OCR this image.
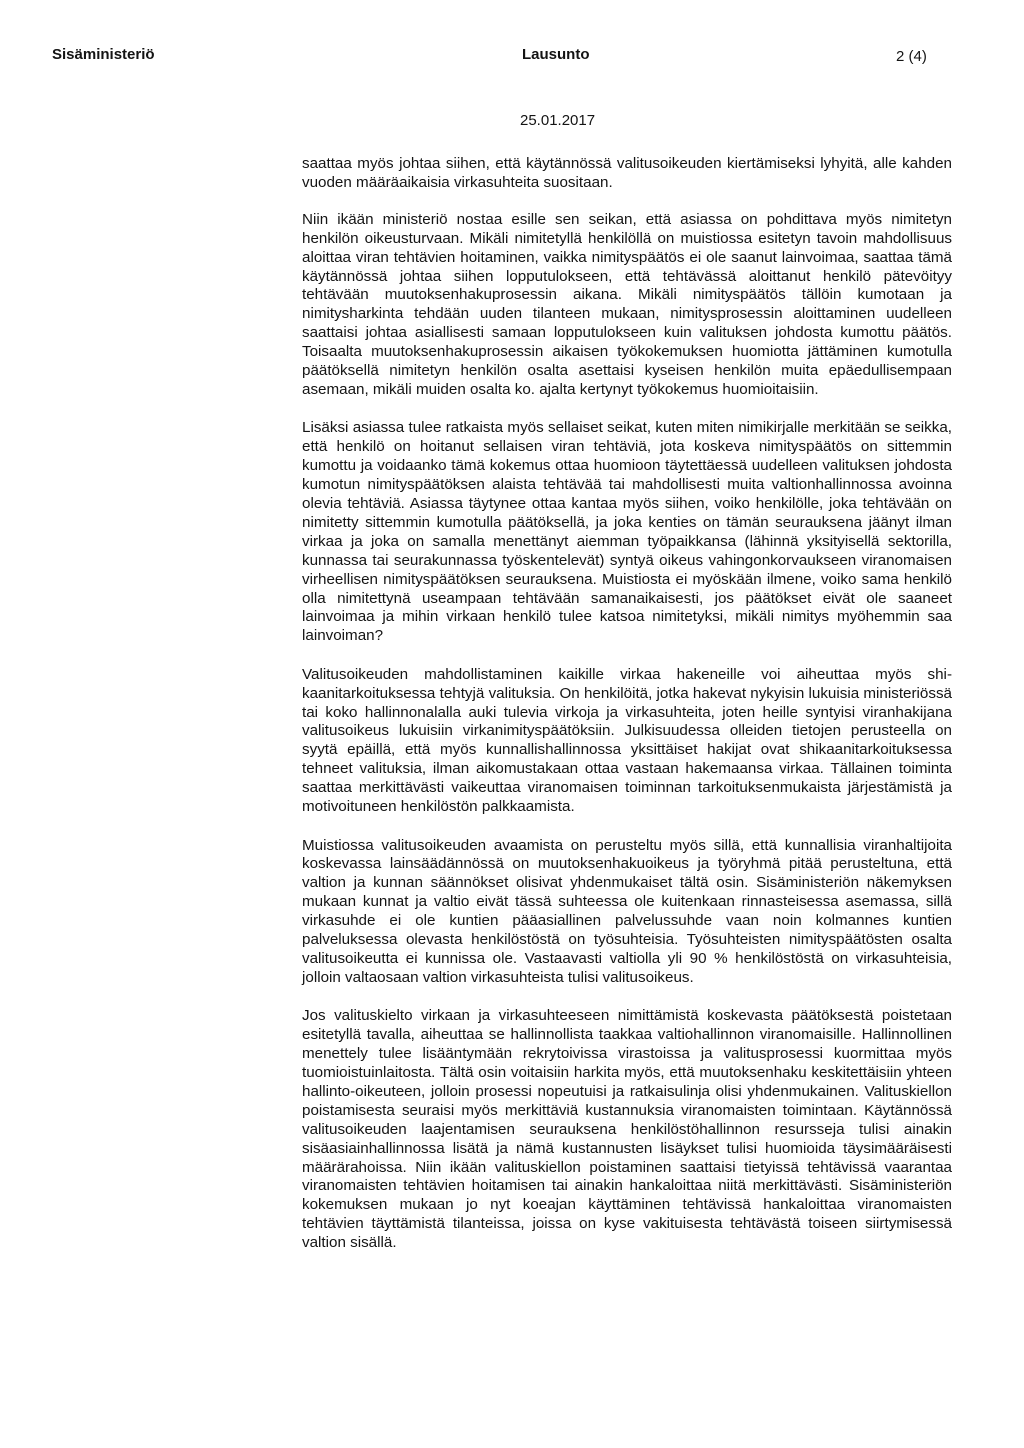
Sisäministeriö	Lausunto	2 (4)
25.01.2017

saattaa myös johtaa siihen, että käytännössä valitusoikeuden kiertämiseksi lyhyitä, alle kahden vuoden määräaikaisia virkasuhteita suositaan.

Niin ikään ministeriö nostaa esille sen seikan, että asiassa on pohdittava myös nimitetyn henkilön oikeusturvaan. Mikäli nimitetyllä henkilöllä on muistiossa esitetyn tavoin mahdollisuus aloittaa viran tehtävien hoitaminen, vaikka nimityspäätös ei ole saanut lainvoimaa, saattaa tämä käytännössä johtaa siihen lopputulokseen, että tehtävässä aloittanut henkilö pätevöityy tehtävään muutoksenhakuprosessin aikana. Mikäli nimityspäätös tällöin kumotaan ja nimitysharkinta tehdään uuden tilanteen mukaan, nimitysprosessin aloittaminen uudelleen saattaisi johtaa asiallisesti samaan lopputulokseen kuin valituksen johdosta kumottu päätös. Toisaalta muutoksenhakuprosessin aikaisen työkokemuksen huomiotta jättäminen kumotulla päätöksellä nimitetyn henkilön osalta asettaisi kyseisen henkilön muita epäedullisempaan asemaan, mikäli muiden osalta ko. ajalta kertynyt työkokemus huomioitaisiin.

Lisäksi asiassa tulee ratkaista myös sellaiset seikat, kuten miten nimikirjalle merkitään se seikka, että henkilö on hoitanut sellaisen viran tehtäviä, jota koskeva nimityspäätös on sittemmin kumottu ja voidaanko tämä kokemus ottaa huomioon täytettäessä uudelleen valituksen johdosta kumotun nimityspäätöksen alaista tehtävää tai mahdollisesti muita valtionhallinnossa avoinna olevia tehtäviä. Asiassa täytynee ottaa kantaa myös siihen, voiko henkilölle, joka tehtävään on nimitetty sittemmin kumotulla päätöksellä, ja joka kenties on tämän seurauksena jäänyt ilman virkaa ja joka on samalla menettänyt aiemman työpaikkansa (lähinnä yksityisellä sektorilla, kunnassa tai seurakunnassa työskentelevät) syntyä oikeus vahingonkorvaukseen viranomaisen virheellisen nimityspäätöksen seurauksena. Muistiosta ei myöskään ilmene, voiko sama henkilö olla nimitettynä useampaan tehtävään samanaikaisesti, jos päätökset eivät ole saaneet lainvoimaa ja mihin virkaan henkilö tulee katsoa nimitetyksi, mikäli nimitys myöhemmin saa lainvoiman?

Valitusoikeuden mahdollistaminen kaikille virkaa hakeneille voi aiheuttaa myös shikaanitarkoituksessa tehtyjä valituksia. On henkilöitä, jotka hakevat nykyisin lukuisia ministeriössä tai koko hallinnonalalla auki tulevia virkoja ja virkasuhteita, joten heille syntyisi viranhakijana valitusoikeus lukuisiin virkanimityspäätöksiin. Julkisuudessa olleiden tietojen perusteella on syytä epäillä, että myös kunnallishallinnossa yksittäiset hakijat ovat shikaanitarkoituksessa tehneet valituksia, ilman aikomustakaan ottaa vastaan hakemaansa virkaa. Tällainen toiminta saattaa merkittävästi vaikeuttaa viranomaisen toiminnan tarkoituksenmukaista järjestämistä ja motivoituneen henkilöstön palkkaamista.

Muistiossa valitusoikeuden avaamista on perusteltu myös sillä, että kunnallisia viranhaltijoita koskevassa lainsäädännössä on muutoksenhakuoikeus ja työryhmä pitää perusteltuna, että valtion ja kunnan säännökset olisivat yhdenmukaiset tältä osin. Sisäministeriön näkemyksen mukaan kunnat ja valtio eivät tässä suhteessa ole kuitenkaan rinnasteisessa asemassa, sillä virkasuhde ei ole kuntien pääasiallinen palvelussuhde vaan noin kolmannes kuntien palveluksessa olevasta henkilöstöstä on työsuhteisia. Työsuhteisten nimityspäätösten osalta valitusoikeutta ei kunnissa ole. Vastaavasti valtiolla yli 90 % henkilöstöstä on virkasuhteisia, jolloin valtaosaan valtion virkasuhteista tulisi valitusoikeus.

Jos valituskielto virkaan ja virkasuhteeseen nimittämistä koskevasta päätöksestä poistetaan esitetyllä tavalla, aiheuttaa se hallinnollista taakkaa valtiohallinnon viranomaisille. Hallinnollinen menettely tulee lisääntymään rekrytoivissa virastoissa ja valitusprosessi kuormittaa myös tuomioistuinlaitosta. Tältä osin voitaisiin harkita myös, että muutoksenhaku keskitettäisiin yhteen hallinto-oikeuteen, jolloin prosessi nopeutuisi ja ratkaisulinja olisi yhdenmukainen. Valituskiellon poistamisesta seuraisi myös merkittäviä kustannuksia viranomaisten toimintaan. Käytännössä valitusoikeuden laajentamisen seurauksena henkilöstöhallinnon resursseja tulisi ainakin sisäasiainhallinnossa lisätä ja nämä kustannusten lisäykset tulisi huomioida täysimääräisesti määrärahoissa. Niin ikään valituskiellon poistaminen saattaisi tietyissä tehtävissä vaarantaa viranomaisten tehtävien hoitamisen tai ainakin hankaloittaa niitä merkittävästi. Sisäministeriön kokemuksen mukaan jo nyt koeajan käyttäminen tehtävissä hankaloittaa viranomaisten tehtävien täyttämistä tilanteissa, joissa on kyse vakituisesta tehtävästä toiseen siirtymisessä valtion sisällä.
